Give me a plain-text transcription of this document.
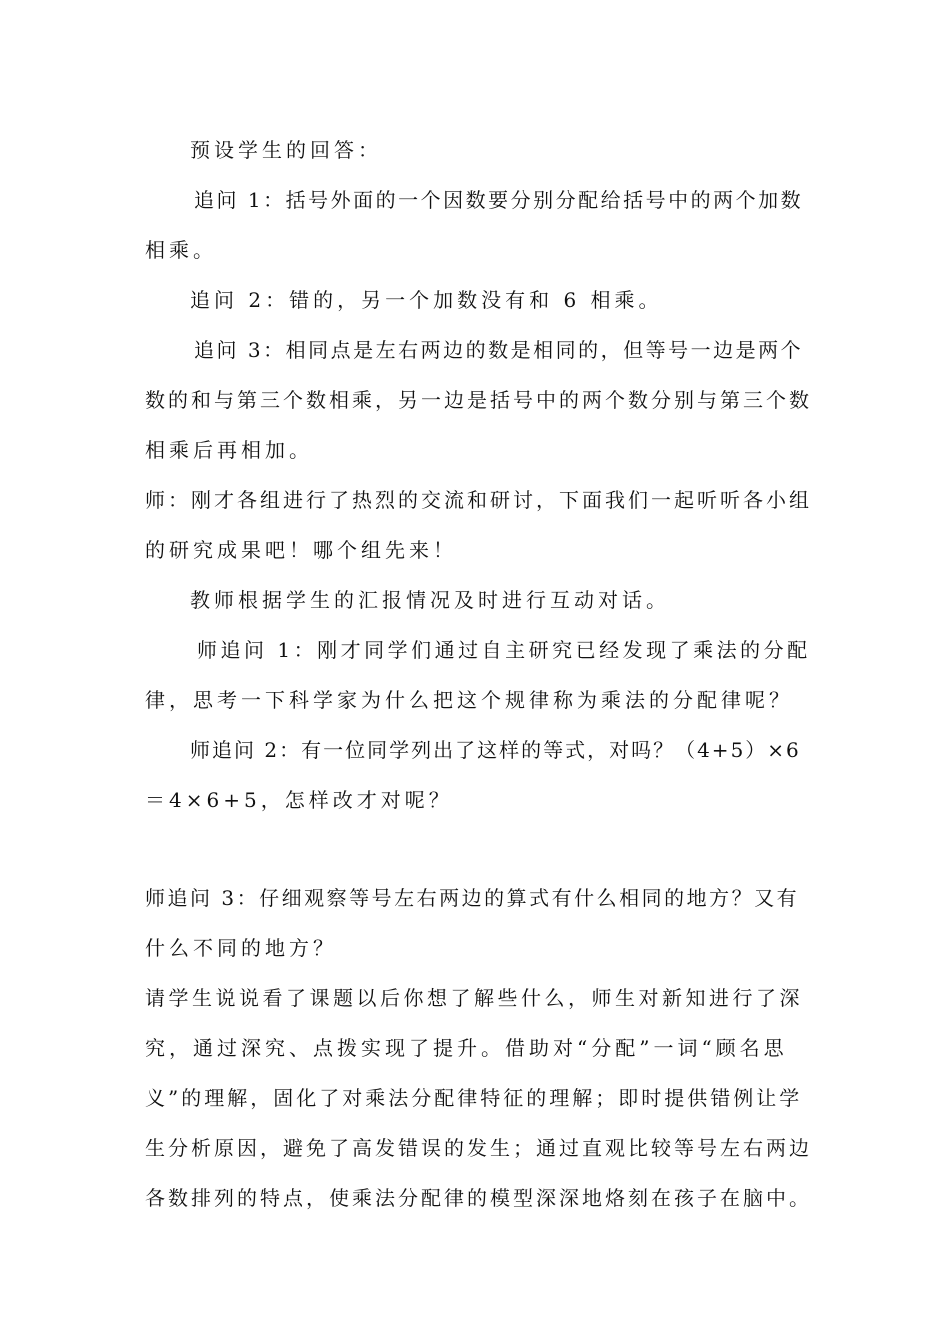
预设学生的回答：
追问 1：括号外面的一个因数要分别分配给括号中的两个加数
相乘。
追问 2：错的，另一个加数没有和 6 相乘。
追问 3：相同点是左右两边的数是相同的，但等号一边是两个
数的和与第三个数相乘，另一边是括号中的两个数分别与第三个数
相乘后再相加。
师：刚才各组进行了热烈的交流和研讨，下面我们一起听听各小组
的研究成果吧！哪个组先来！
教师根据学生的汇报情况及时进行互动对话。
师追问 1：刚才同学们通过自主研究已经发现了乘法的分配
律，思考一下科学家为什么把这个规律称为乘法的分配律呢？
师追问 2：有一位同学列出了这样的等式，对吗？（4+5）×6
＝4×6+5，怎样改才对呢？
师追问 3：仔细观察等号左右两边的算式有什么相同的地方？又有
什么不同的地方？
请学生说说看了课题以后你想了解些什么，师生对新知进行了深
究，通过深究、点拨实现了提升。借助对“分配”一词“顾名思
义”的理解，固化了对乘法分配律特征的理解；即时提供错例让学
生分析原因，避免了高发错误的发生；通过直观比较等号左右两边
各数排列的特点，使乘法分配律的模型深深地烙刻在孩子在脑中。
